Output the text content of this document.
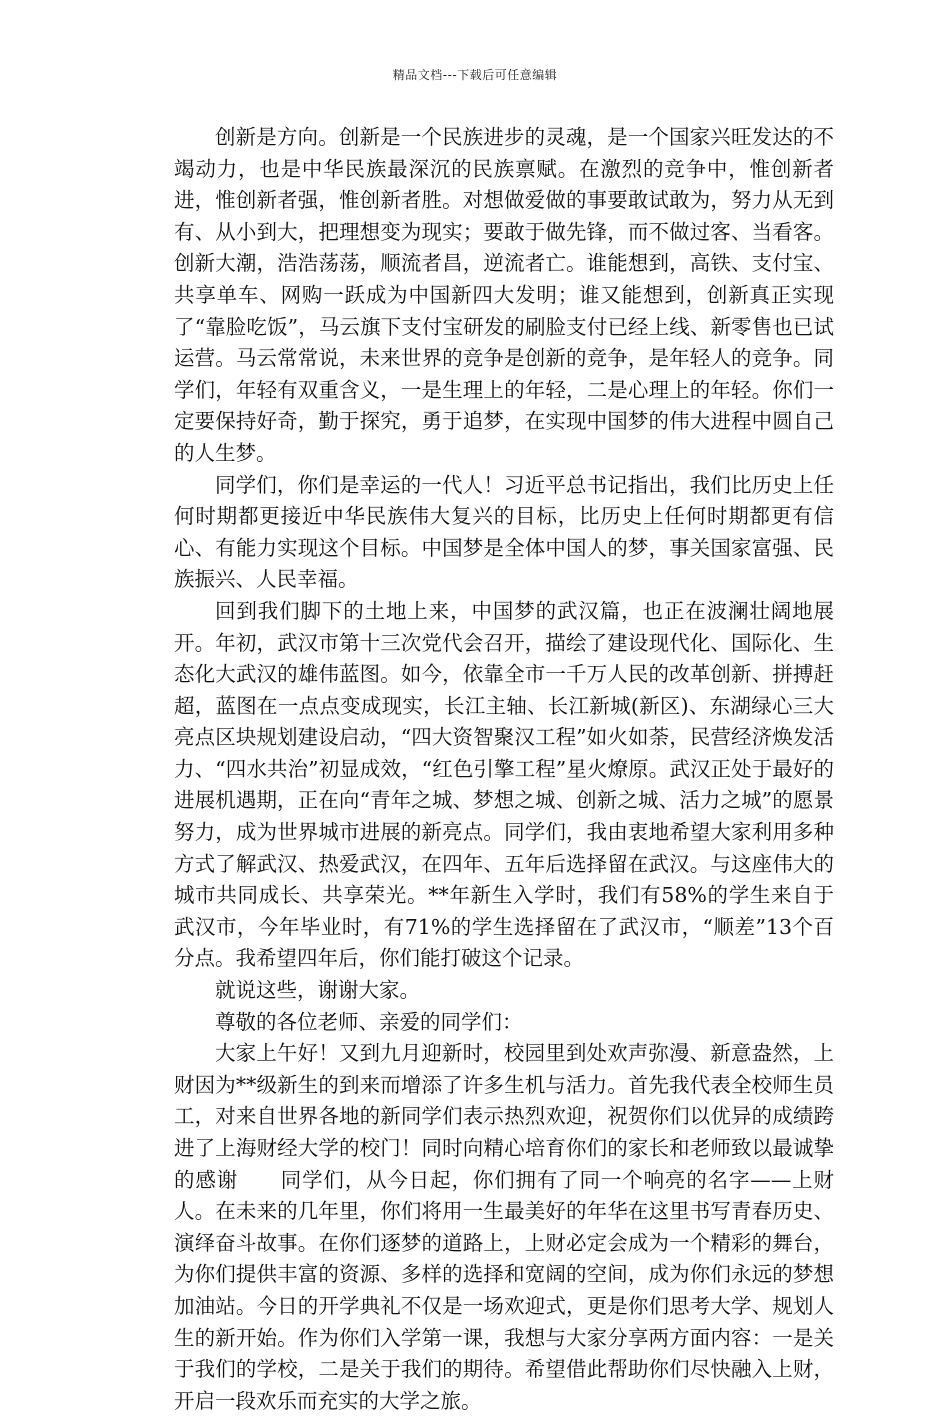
精品文档---下载后可任意编辑

创新是方向。创新是一个民族进步的灵魂，是一个国家兴旺发达的不竭动力，也是中华民族最深沉的民族禀赋。在激烈的竞争中，惟创新者进，惟创新者强，惟创新者胜。对想做爱做的事要敢试敢为，努力从无到有、从小到大，把理想变为现实；要敢于做先锋，而不做过客、当看客。创新大潮，浩浩荡荡，顺流者昌，逆流者亡。谁能想到，高铁、支付宝、共享单车、网购一跃成为中国新四大发明；谁又能想到，创新真正实现了“靠脸吃饭”，马云旗下支付宝研发的刷脸支付已经上线、新零售也已试运营。马云常常说，未来世界的竞争是创新的竞争，是年轻人的竞争。同学们，年轻有双重含义，一是生理上的年轻，二是心理上的年轻。你们一定要保持好奇，勤于探究，勇于追梦，在实现中国梦的伟大进程中圆自己的人生梦。

同学们，你们是幸运的一代人！习近平总书记指出，我们比历史上任何时期都更接近中华民族伟大复兴的目标，比历史上任何时期都更有信心、有能力实现这个目标。中国梦是全体中国人的梦，事关国家富强、民族振兴、人民幸福。

回到我们脚下的土地上来，中国梦的武汉篇，也正在波澜壮阔地展开。年初，武汉市第十三次党代会召开，描绘了建设现代化、国际化、生态化大武汉的雄伟蓝图。如今，依靠全市一千万人民的改革创新、拼搏赶超，蓝图在一点点变成现实，长江主轴、长江新城(新区)、东湖绿心三大亮点区块规划建设启动，“四大资智聚汉工程”如火如荼，民营经济焕发活力、“四水共治”初显成效，“红色引擎工程”星火燎原。武汉正处于最好的进展机遇期，正在向“青年之城、梦想之城、创新之城、活力之城”的愿景努力，成为世界城市进展的新亮点。同学们，我由衷地希望大家利用多种方式了解武汉、热爱武汉，在四年、五年后选择留在武汉。与这座伟大的城市共同成长、共享荣光。**年新生入学时，我们有58%的学生来自于武汉市，今年毕业时，有71%的学生选择留在了武汉市，“顺差”13个百分点。我希望四年后，你们能打破这个记录。

就说这些，谢谢大家。

尊敬的各位老师、亲爱的同学们：

大家上午好！又到九月迎新时，校园里到处欢声弥漫、新意盎然，上财因为**级新生的到来而增添了许多生机与活力。首先我代表全校师生员工，对来自世界各地的新同学们表示热烈欢迎，祝贺你们以优异的成绩跨进了上海财经大学的校门！同时向精心培育你们的家长和老师致以最诚挚的感谢　　同学们，从今日起，你们拥有了同一个响亮的名字——上财人。在未来的几年里，你们将用一生最美好的年华在这里书写青春历史、演绎奋斗故事。在你们逐梦的道路上，上财必定会成为一个精彩的舞台，为你们提供丰富的资源、多样的选择和宽阔的空间，成为你们永远的梦想加油站。今日的开学典礼不仅是一场欢迎式，更是你们思考大学、规划人生的新开始。作为你们入学第一课，我想与大家分享两方面内容：一是关于我们的学校，二是关于我们的期待。希望借此帮助你们尽快融入上财，开启一段欢乐而充实的大学之旅。
